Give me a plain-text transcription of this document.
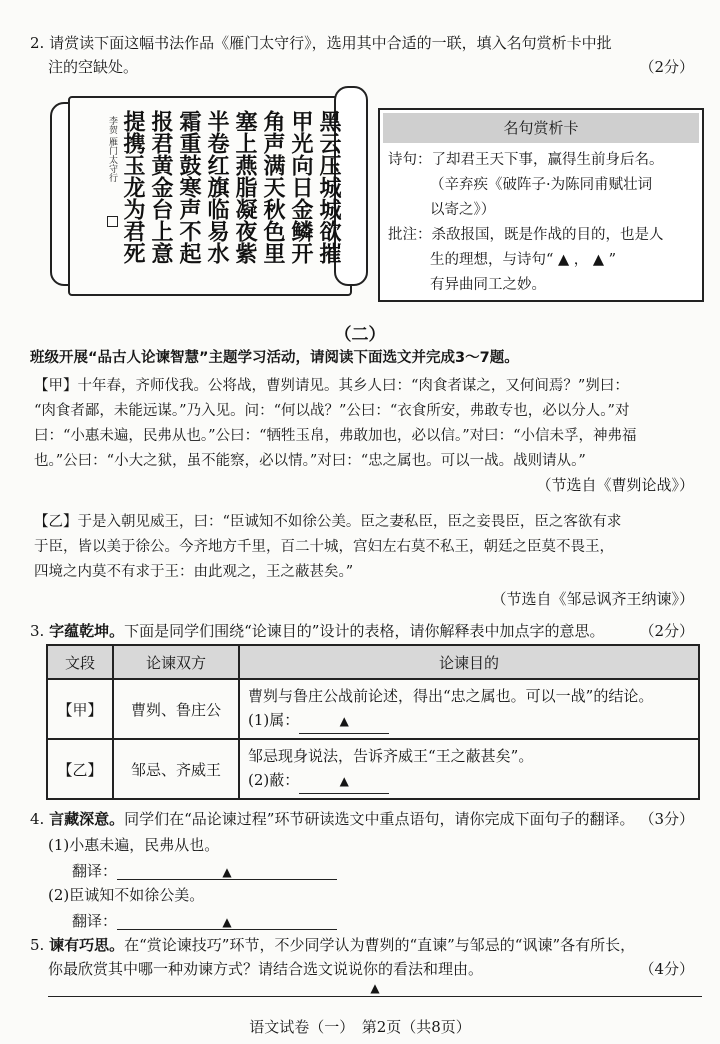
2. 请赏读下面这幅书法作品《雁门太守行》，选用其中合适的一联，填入名句赏析卡中批
注的空缺处。	（2分）
李贺 雁门太守行	黑云压城城欲摧
甲光向日金鳞开
角声满天秋色里
塞上燕脂凝夜紫
半卷红旗临易水
霜重鼓寒声不起
报君黄金台上意
提携玉龙为君死	名句赏析卡
诗句：了却君王天下事，赢得生前身后名。
（辛弃疾《破阵子·为陈同甫赋壮词
以寄之》）
批注：杀敌报国，既是作战的目的，也是人
生的理想，与诗句“ ▲ ， ▲ ”
有异曲同工之妙。
（二）
班级开展“品古人论谏智慧”主题学习活动，请阅读下面选文并完成3～7题。
【甲】十年春，齐师伐我。公将战，曹刿请见。其乡人曰：“肉食者谋之，又何间焉？”刿曰：
“肉食者鄙，未能远谋。”乃入见。问：“何以战？”公曰：“衣食所安，弗敢专也，必以分人。”对
曰：“小惠未遍，民弗从也。”公曰：“牺牲玉帛，弗敢加也，必以信。”对曰：“小信未孚，神弗福
也。”公曰：“小大之狱，虽不能察，必以情。”对曰：“忠之属也。可以一战。战则请从。”
（节选自《曹刿论战》）
【乙】于是入朝见威王，曰：“臣诚知不如徐公美。臣之妻私臣，臣之妾畏臣，臣之客欲有求
于臣，皆以美于徐公。今齐地方千里，百二十城，宫妇左右莫不私王，朝廷之臣莫不畏王，
四境之内莫不有求于王：由此观之，王之蔽甚矣。”
（节选自《邹忌讽齐王纳谏》）
3. 字蕴乾坤。下面是同学们围绕“论谏目的”设计的表格，请你解释表中加点字的意思。 （2分）
文段	论谏双方	论谏目的
【甲】	曹刿、鲁庄公	曹刿与鲁庄公战前论述，得出“忠之属也。可以一战”的结论。
(1)属： ▲

【乙】	邹忌、齐威王	邹忌现身说法，告诉齐威王“王之蔽甚矣”。
(2)蔽： ▲
4. 言藏深意。同学们在“品论谏过程”环节研读选文中重点语句，请你完成下面句子的翻译。 （3分）
(1)小惠未遍，民弗从也。
翻译：	▲
(2)臣诚知不如徐公美。
翻译：	▲
5. 谏有巧思。在“赏论谏技巧”环节，不少同学认为曹刿的“直谏”与邹忌的“讽谏”各有所长，
你最欣赏其中哪一种劝谏方式？请结合选文说说你的看法和理由。	（4分）
▲
语文试卷（一）　第2页（共8页）
